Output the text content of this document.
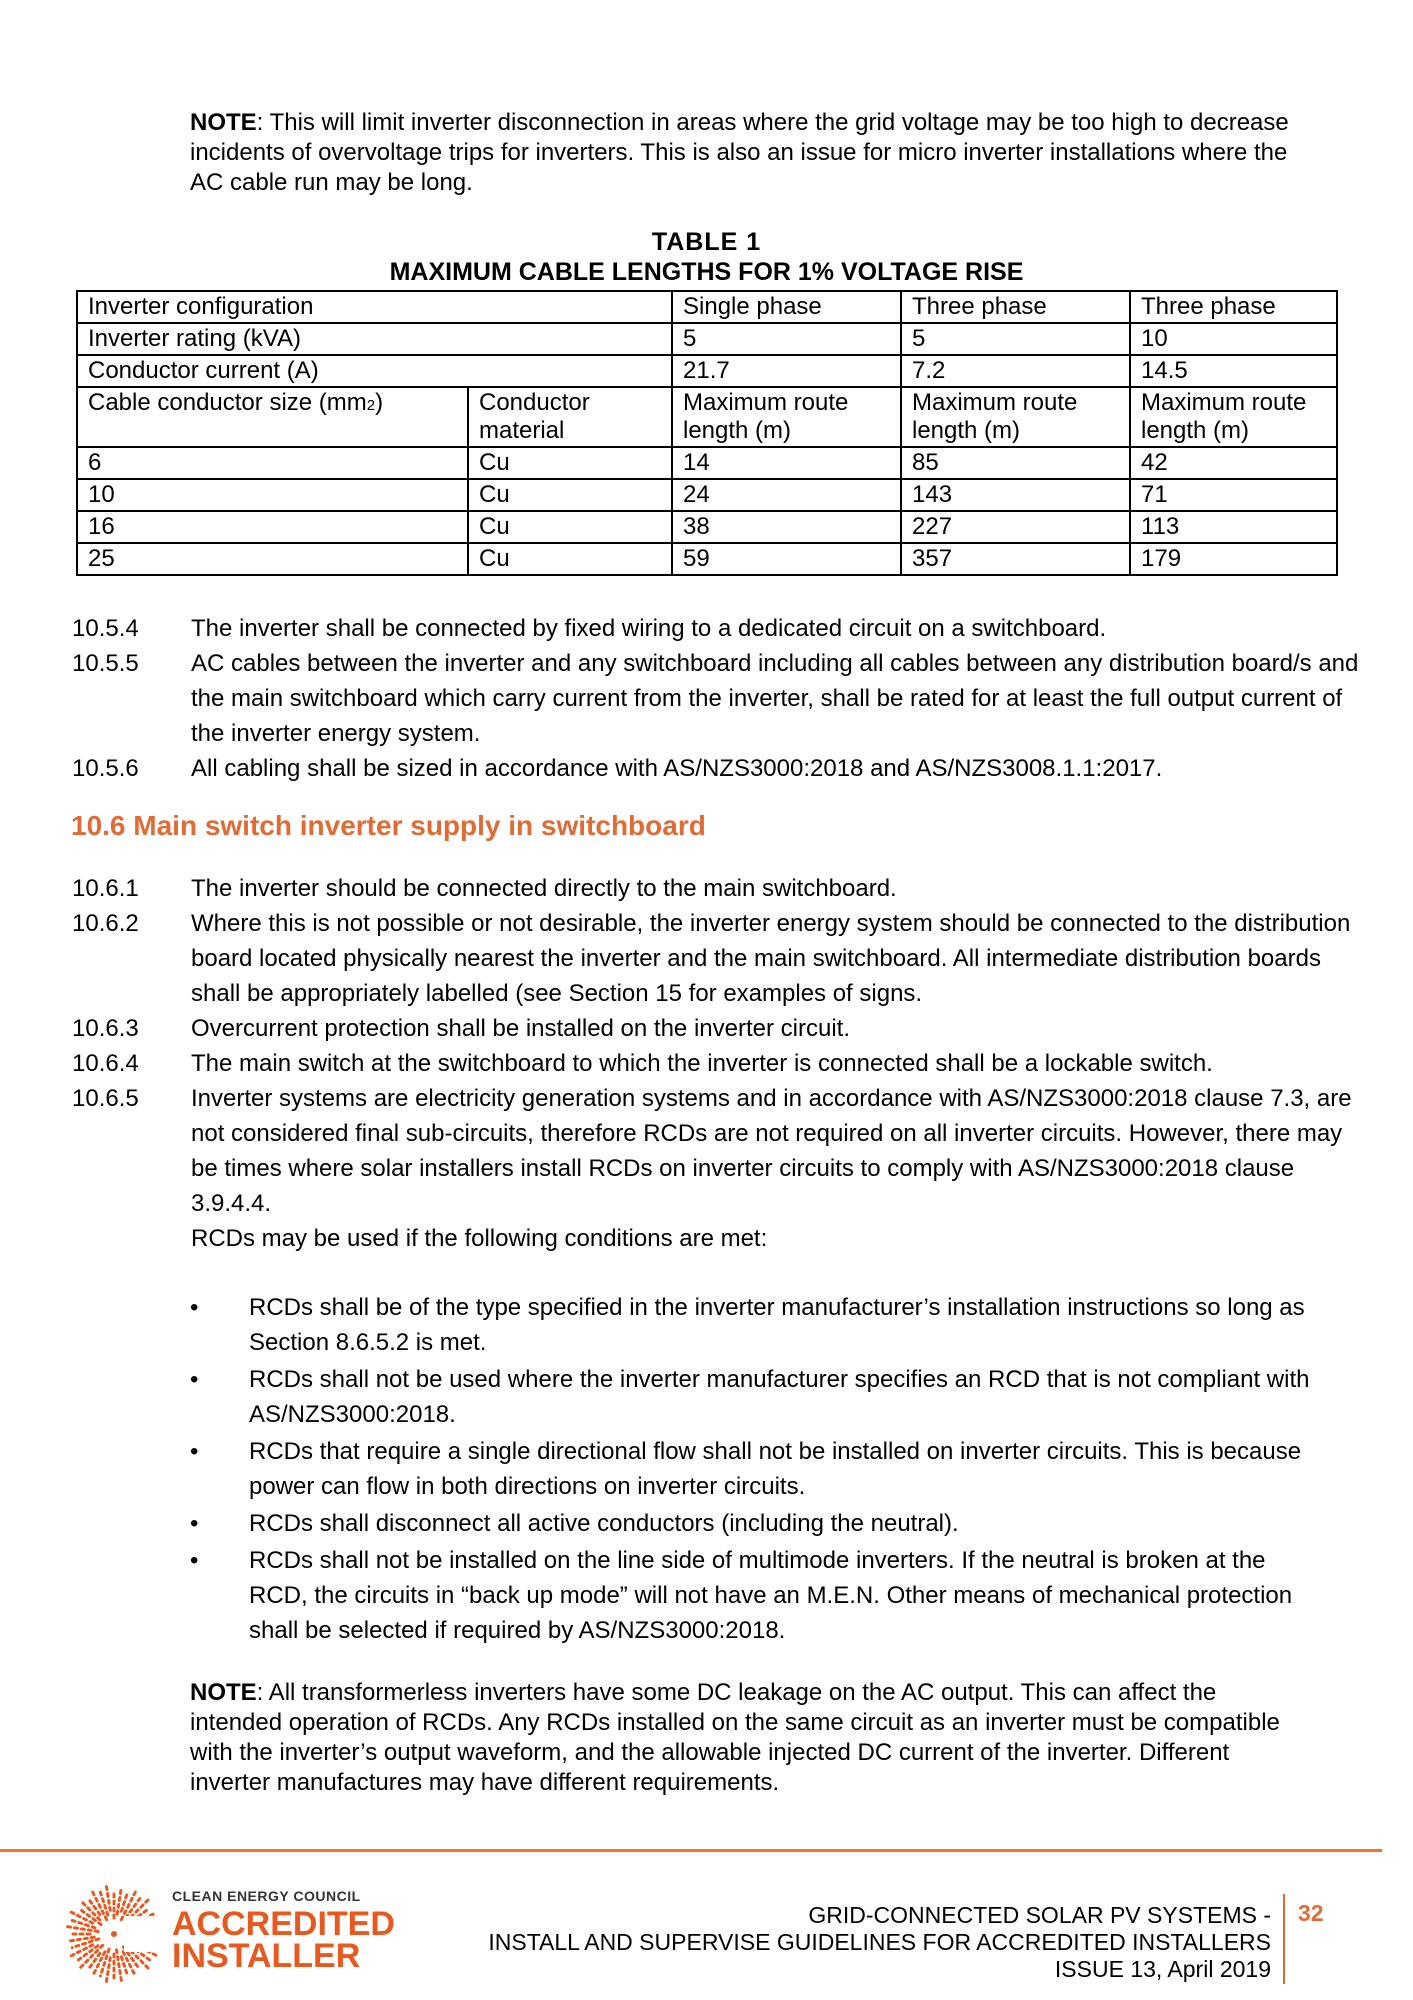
NOTE: This will limit inverter disconnection in areas where the grid voltage may be too high to decrease incidents of overvoltage trips for inverters. This is also an issue for micro inverter installations where the AC cable run may be long.
TABLE 1
MAXIMUM CABLE LENGTHS FOR 1% VOLTAGE RISE
Inverter configuration		Single phase	Three phase	Three phase
Inverter rating (kVA)		5	5	10
Conductor current (A)		21.7	7.2	14.5
Cable conductor size (mm2)	Conductor material	Maximum route length (m)	Maximum route length (m)	Maximum route length (m)
6	Cu	14	85	42
10	Cu	24	143	71
16	Cu	38	227	113
25	Cu	59	357	179
10.5.4 The inverter shall be connected by fixed wiring to a dedicated circuit on a switchboard.
10.5.5 AC cables between the inverter and any switchboard including all cables between any distribution board/s and the main switchboard which carry current from the inverter, shall be rated for at least the full output current of the inverter energy system.
10.5.6 All cabling shall be sized in accordance with AS/NZS3000:2018 and AS/NZS3008.1.1:2017.
10.6 Main switch inverter supply in switchboard
10.6.1 The inverter should be connected directly to the main switchboard.
10.6.2 Where this is not possible or not desirable, the inverter energy system should be connected to the distribution board located physically nearest the inverter and the main switchboard. All intermediate distribution boards shall be appropriately labelled (see Section 15 for examples of signs.
10.6.3 Overcurrent protection shall be installed on the inverter circuit.
10.6.4 The main switch at the switchboard to which the inverter is connected shall be a lockable switch.
10.6.5 Inverter systems are electricity generation systems and in accordance with AS/NZS3000:2018 clause 7.3, are not considered final sub-circuits, therefore RCDs are not required on all inverter circuits. However, there may be times where solar installers install RCDs on inverter circuits to comply with AS/NZS3000:2018 clause 3.9.4.4.
RCDs may be used if the following conditions are met:
• RCDs shall be of the type specified in the inverter manufacturer’s installation instructions so long as Section 8.6.5.2 is met.
• RCDs shall not be used where the inverter manufacturer specifies an RCD that is not compliant with AS/NZS3000:2018.
• RCDs that require a single directional flow shall not be installed on inverter circuits. This is because power can flow in both directions on inverter circuits.
• RCDs shall disconnect all active conductors (including the neutral).
• RCDs shall not be installed on the line side of multimode inverters. If the neutral is broken at the RCD, the circuits in “back up mode” will not have an M.E.N. Other means of mechanical protection shall be selected if required by AS/NZS3000:2018.
NOTE: All transformerless inverters have some DC leakage on the AC output. This can affect the intended operation of RCDs. Any RCDs installed on the same circuit as an inverter must be compatible with the inverter’s output waveform, and the allowable injected DC current of the inverter. Different inverter manufactures may have different requirements.
CLEAN ENERGY COUNCIL
ACCREDITED
INSTALLER
GRID-CONNECTED SOLAR PV SYSTEMS -
INSTALL AND SUPERVISE GUIDELINES FOR ACCREDITED INSTALLERS
ISSUE 13, April 2019
32
